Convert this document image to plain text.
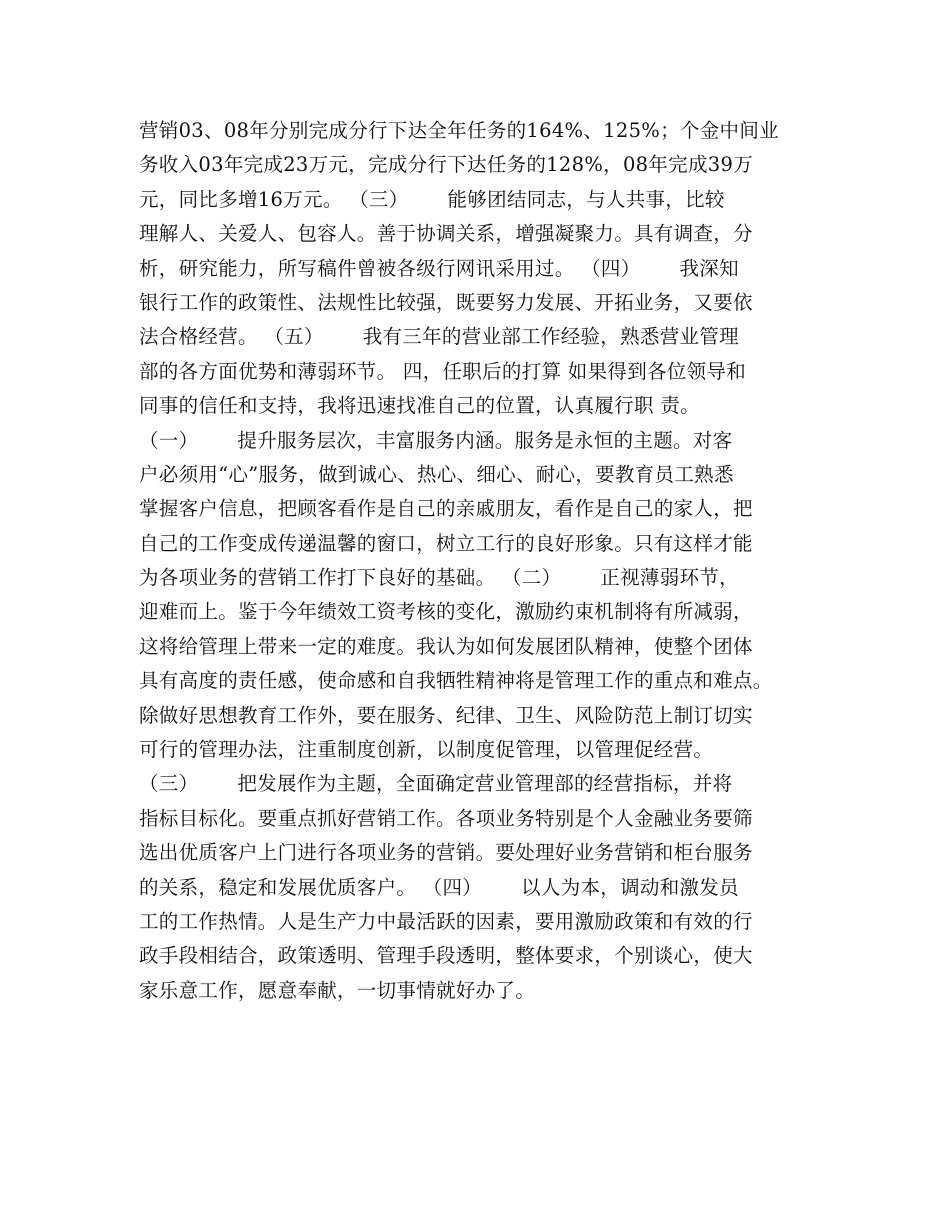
营销03、08年分别完成分行下达全年任务的164%、125%；个金中间业
务收入03年完成23万元，完成分行下达任务的128%，08年完成39万
元，同比多增16万元。 （三）      能够团结同志，与人共事，比较
理解人、关爱人、包容人。善于协调关系，增强凝聚力。具有调查，分
析，研究能力，所写稿件曾被各级行网讯采用过。 （四）      我深知
银行工作的政策性、法规性比较强，既要努力发展、开拓业务，又要依
法合格经营。 （五）      我有三年的营业部工作经验，熟悉营业管理
部的各方面优势和薄弱环节。 四，任职后的打算 如果得到各位领导和
同事的信任和支持，我将迅速找准自己的位置，认真履行职 责。
（一）      提升服务层次，丰富服务内涵。服务是永恒的主题。对客
户必须用“心”服务，做到诚心、热心、细心、耐心，要教育员工熟悉
掌握客户信息，把顾客看作是自己的亲戚朋友，看作是自己的家人，把
自己的工作变成传递温馨的窗口，树立工行的良好形象。只有这样才能
为各项业务的营销工作打下良好的基础。 （二）      正视薄弱环节，
迎难而上。鉴于今年绩效工资考核的变化，激励约束机制将有所减弱，
这将给管理上带来一定的难度。我认为如何发展团队精神，使整个团体
具有高度的责任感，使命感和自我牺牲精神将是管理工作的重点和难点。
除做好思想教育工作外，要在服务、纪律、卫生、风险防范上制订切实
可行的管理办法，注重制度创新，以制度促管理，以管理促经营。
（三）      把发展作为主题，全面确定营业管理部的经营指标，并将
指标目标化。要重点抓好营销工作。各项业务特别是个人金融业务要筛
选出优质客户上门进行各项业务的营销。要处理好业务营销和柜台服务
的关系，稳定和发展优质客户。 （四）      以人为本，调动和激发员
工的工作热情。人是生产力中最活跃的因素，要用激励政策和有效的行
政手段相结合，政策透明、管理手段透明，整体要求，个别谈心，使大
家乐意工作，愿意奉献，一切事情就好办了。
